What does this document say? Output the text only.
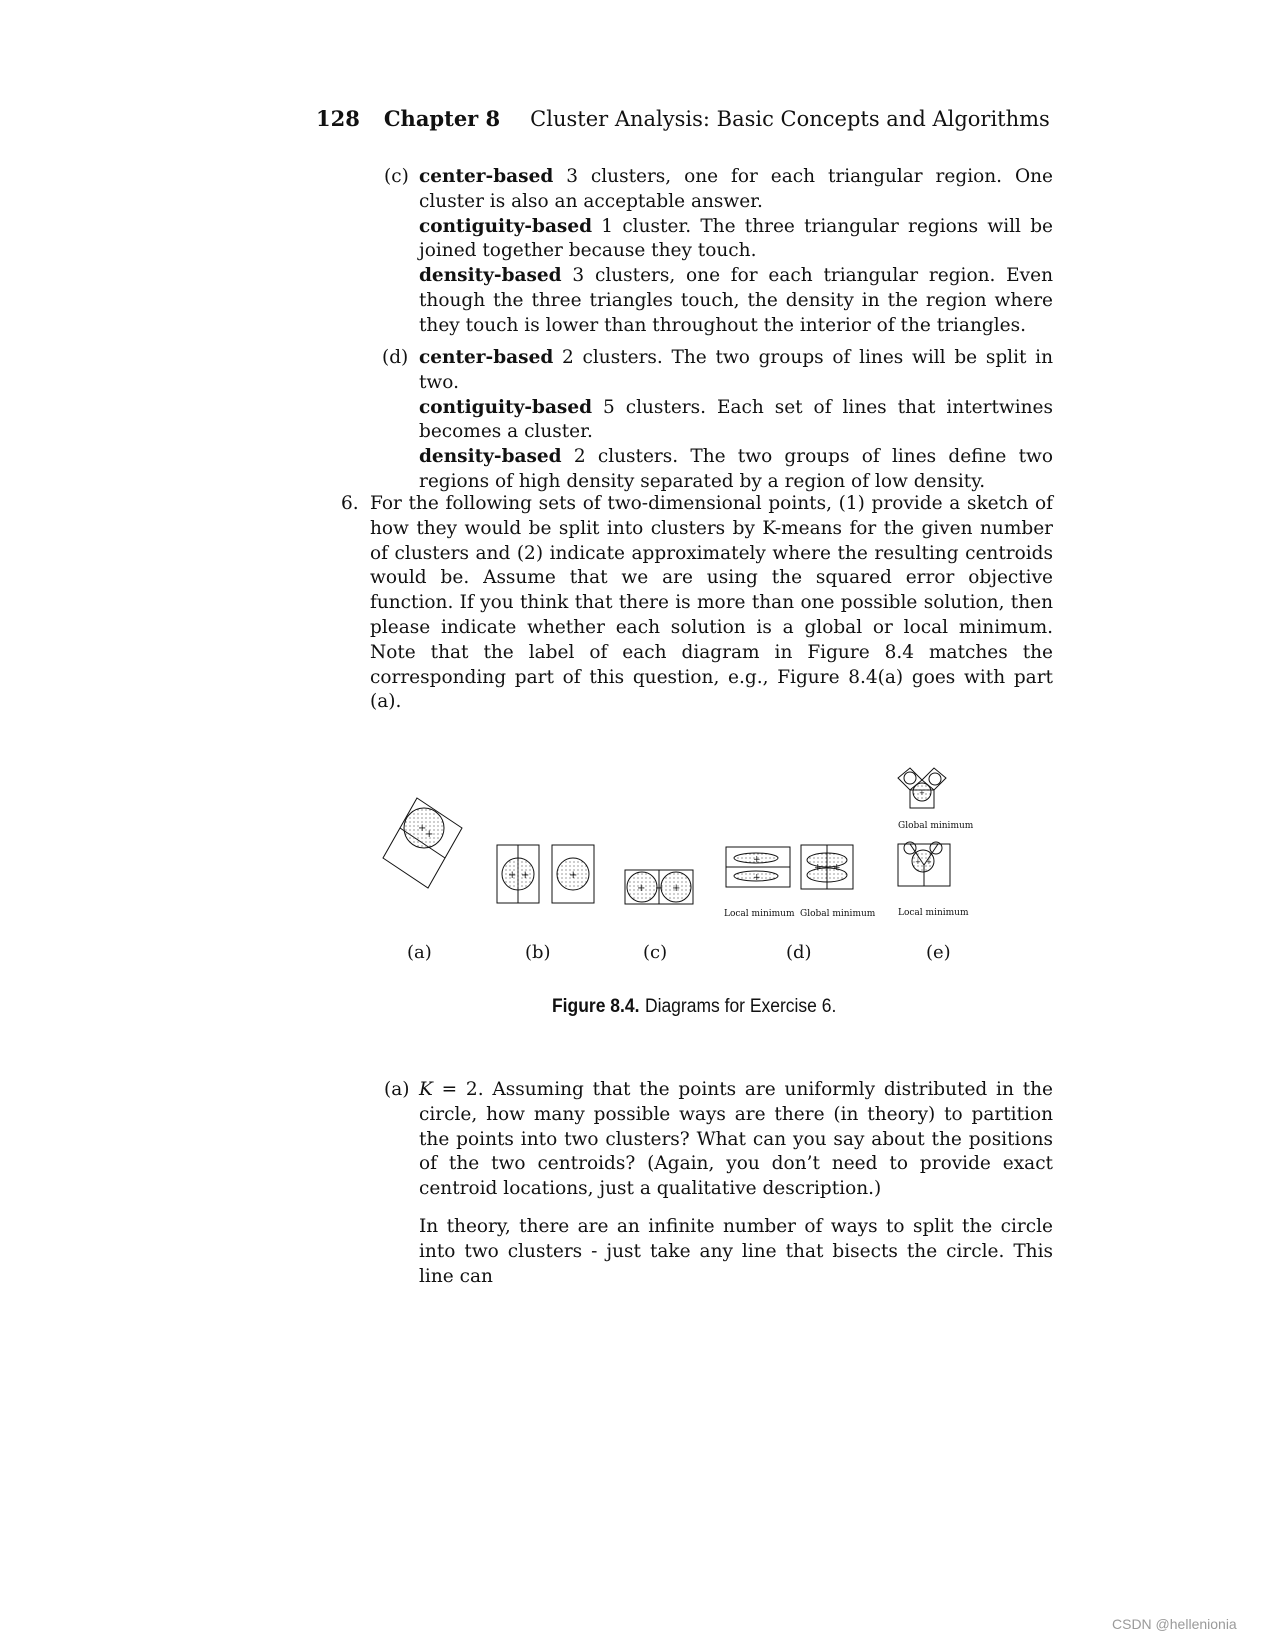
128 Chapter 8 Cluster Analysis: Basic Concepts and Algorithms
(c) center-based 3 clusters, one for each triangular region. One cluster is also an acceptable answer.
contiguity-based 1 cluster. The three triangular regions will be joined together because they touch.
density-based 3 clusters, one for each triangular region. Even though the three triangles touch, the density in the region where they touch is lower than throughout the interior of the triangles.
(d) center-based 2 clusters. The two groups of lines will be split in two.
contiguity-based 5 clusters. Each set of lines that intertwines becomes a cluster.
density-based 2 clusters. The two groups of lines define two regions of high density separated by a region of low density.
6. For the following sets of two-dimensional points, (1) provide a sketch of how they would be split into clusters by K-means for the given number of clusters and (2) indicate approximately where the resulting centroids would be. Assume that we are using the squared error objective function. If you think that there is more than one possible solution, then please indicate whether each solution is a global or local minimum. Note that the label of each diagram in Figure 8.4 matches the corresponding part of this question, e.g., Figure 8.4(a) goes with part (a).
+
+
+ +	+
+ + +
+
+
+ +
+
+ +
Local minimum Global minimum
Global minimum
Local minimum
(a)	(b)	(c)	(d)	(e)
Figure 8.4. Diagrams for Exercise 6.
(a) K = 2. Assuming that the points are uniformly distributed in the circle, how many possible ways are there (in theory) to partition the points into two clusters? What can you say about the positions of the two centroids? (Again, you don’t need to provide exact centroid locations, just a qualitative description.)
In theory, there are an infinite number of ways to split the circle into two clusters - just take any line that bisects the circle. This line can
CSDN @hellenionia
